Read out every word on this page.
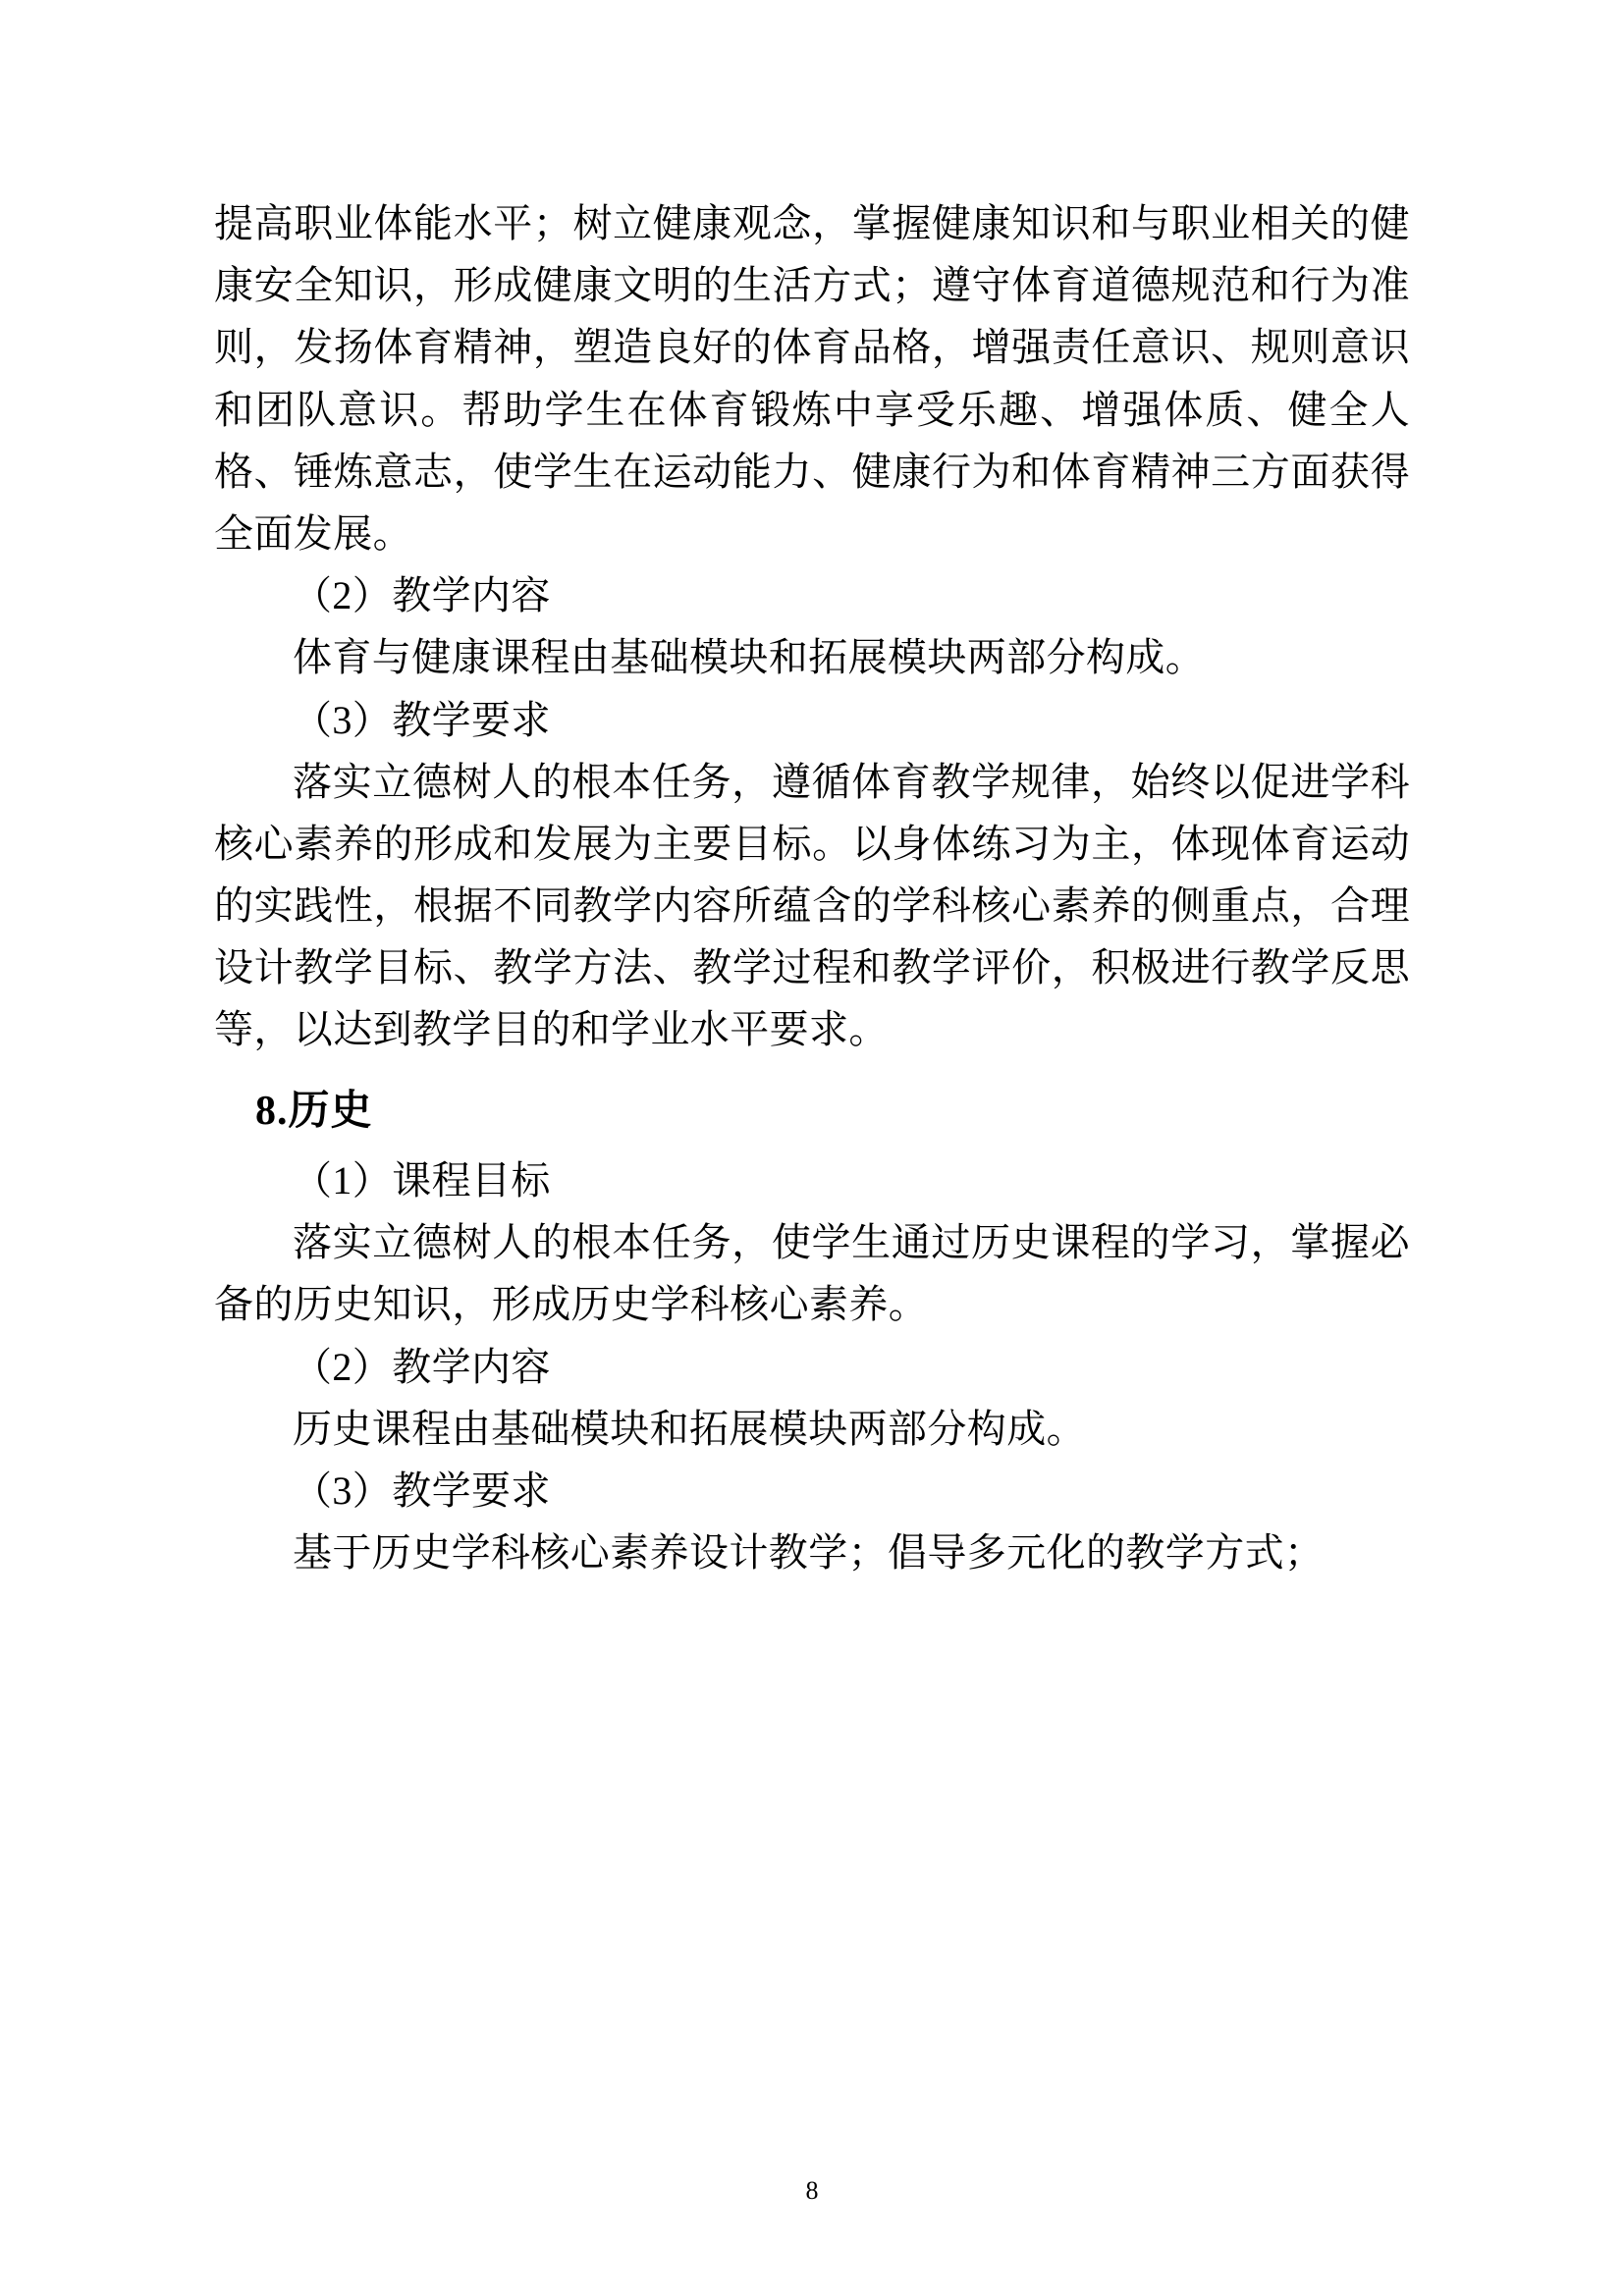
提高职业体能水平；树立健康观念，掌握健康知识和与职业相关的健康安全知识，形成健康文明的生活方式；遵守体育道德规范和行为准则，发扬体育精神，塑造良好的体育品格，增强责任意识、规则意识和团队意识。帮助学生在体育锻炼中享受乐趣、增强体质、健全人格、锤炼意志，使学生在运动能力、健康行为和体育精神三方面获得全面发展。

（2）教学内容

体育与健康课程由基础模块和拓展模块两部分构成。

（3）教学要求

落实立德树人的根本任务，遵循体育教学规律，始终以促进学科核心素养的形成和发展为主要目标。以身体练习为主，体现体育运动的实践性，根据不同教学内容所蕴含的学科核心素养的侧重点，合理设计教学目标、教学方法、教学过程和教学评价，积极进行教学反思等，以达到教学目的和学业水平要求。

8.历史

（1）课程目标

落实立德树人的根本任务，使学生通过历史课程的学习，掌握必备的历史知识，形成历史学科核心素养。

（2）教学内容

历史课程由基础模块和拓展模块两部分构成。

（3）教学要求

基于历史学科核心素养设计教学；倡导多元化的教学方式；

8
